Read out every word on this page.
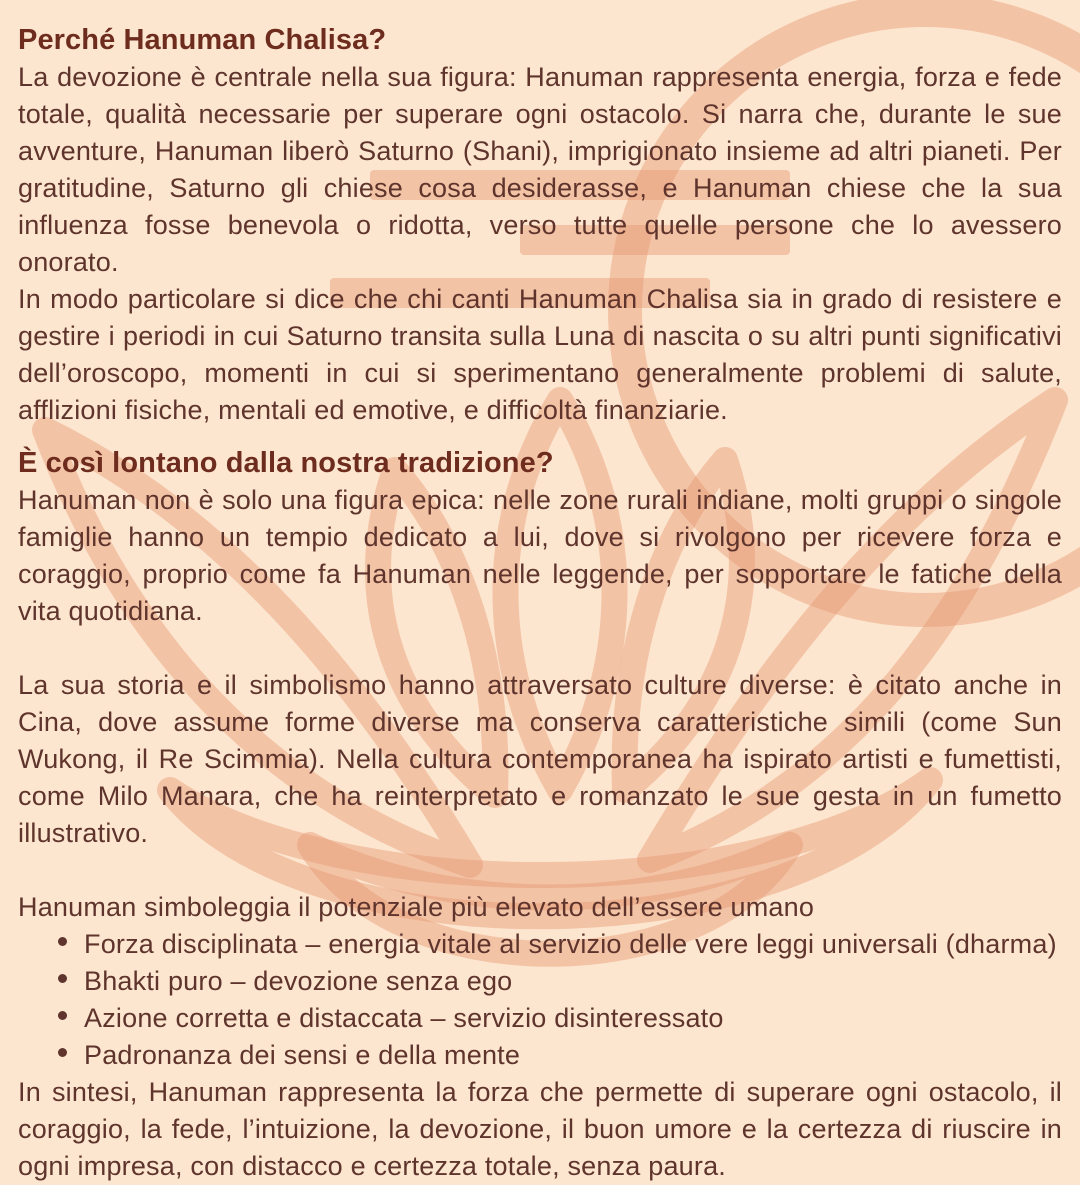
Perché Hanuman Chalisa?

La devozione è centrale nella sua figura: Hanuman rappresenta energia, forza e fede totale, qualità necessarie per superare ogni ostacolo. Si narra che, durante le sue avventure, Hanuman liberò Saturno (Shani), imprigionato insieme ad altri pianeti. Per gratitudine, Saturno gli chiese cosa desiderasse, e Hanuman chiese che la sua influenza fosse benevola o ridotta, verso tutte quelle persone che lo avessero onorato.

In modo particolare si dice che chi canti Hanuman Chalisa sia in grado di resistere e gestire i periodi in cui Saturno transita sulla Luna di nascita o su altri punti significativi dell’oroscopo, momenti in cui si sperimentano generalmente problemi di salute, afflizioni fisiche, mentali ed emotive, e difficoltà finanziarie.

È così lontano dalla nostra tradizione?

Hanuman non è solo una figura epica: nelle zone rurali indiane, molti gruppi o singole famiglie hanno un tempio dedicato a lui, dove si rivolgono per ricevere forza e coraggio, proprio come fa Hanuman nelle leggende, per sopportare le fatiche della vita quotidiana.

La sua storia e il simbolismo hanno attraversato culture diverse: è citato anche in Cina, dove assume forme diverse ma conserva caratteristiche simili (come Sun Wukong, il Re Scimmia). Nella cultura contemporanea ha ispirato artisti e fumettisti, come Milo Manara, che ha reinterpretato e romanzato le sue gesta in un fumetto illustrativo.

Hanuman simboleggia il potenziale più elevato dell’essere umano

Forza disciplinata – energia vitale al servizio delle vere leggi universali (dharma)
Bhakti puro – devozione senza ego
Azione corretta e distaccata – servizio disinteressato
Padronanza dei sensi e della mente

In sintesi, Hanuman rappresenta la forza che permette di superare ogni ostacolo, il coraggio, la fede, l’intuizione, la devozione, il buon umore e la certezza di riuscire in ogni impresa, con distacco e certezza totale, senza paura.
